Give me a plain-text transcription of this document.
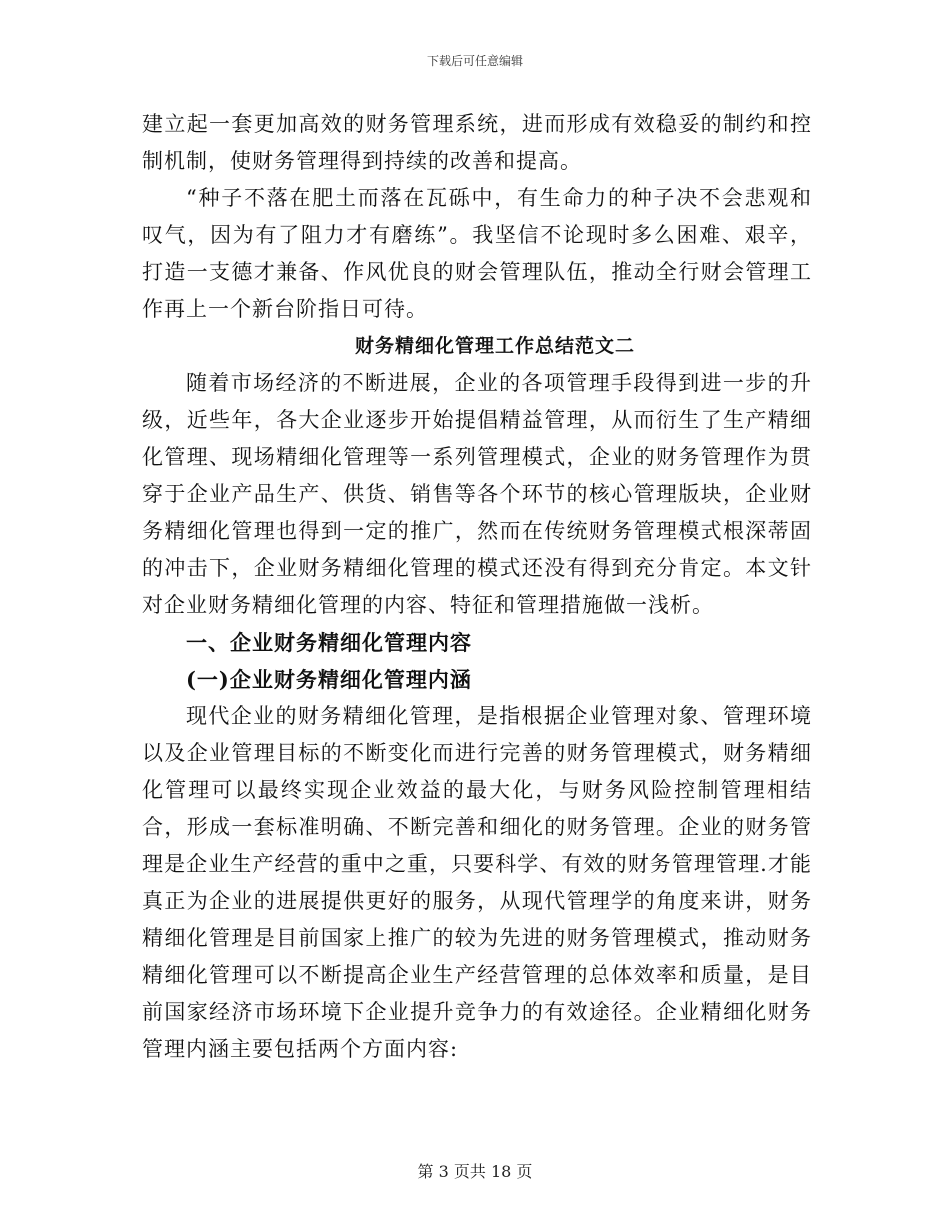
下载后可任意编辑

建立起一套更加高效的财务管理系统，进而形成有效稳妥的制约和控制机制，使财务管理得到持续的改善和提高。

“种子不落在肥土而落在瓦砾中，有生命力的种子决不会悲观和叹气，因为有了阻力才有磨练”。我坚信不论现时多么困难、艰辛，打造一支德才兼备、作风优良的财会管理队伍，推动全行财会管理工作再上一个新台阶指日可待。

财务精细化管理工作总结范文二

随着市场经济的不断进展，企业的各项管理手段得到进一步的升级，近些年，各大企业逐步开始提倡精益管理，从而衍生了生产精细化管理、现场精细化管理等一系列管理模式，企业的财务管理作为贯穿于企业产品生产、供货、销售等各个环节的核心管理版块，企业财务精细化管理也得到一定的推广，然而在传统财务管理模式根深蒂固的冲击下，企业财务精细化管理的模式还没有得到充分肯定。本文针对企业财务精细化管理的内容、特征和管理措施做一浅析。

一、企业财务精细化管理内容

(一)企业财务精细化管理内涵

现代企业的财务精细化管理，是指根据企业管理对象、管理环境以及企业管理目标的不断变化而进行完善的财务管理模式，财务精细化管理可以最终实现企业效益的最大化，与财务风险控制管理相结合，形成一套标准明确、不断完善和细化的财务管理。企业的财务管理是企业生产经营的重中之重，只要科学、有效的财务管理管理.才能真正为企业的进展提供更好的服务，从现代管理学的角度来讲，财务精细化管理是目前国家上推广的较为先进的财务管理模式，推动财务精细化管理可以不断提高企业生产经营管理的总体效率和质量，是目前国家经济市场环境下企业提升竞争力的有效途径。企业精细化财务管理内涵主要包括两个方面内容:

第 3 页共 18 页
